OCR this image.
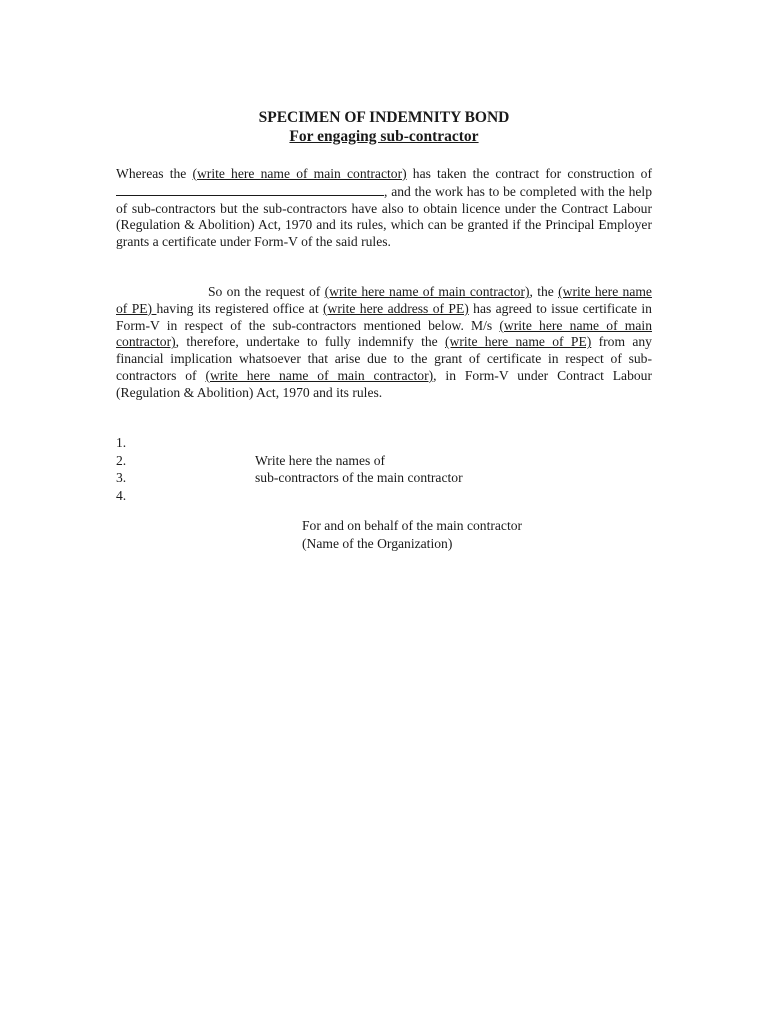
SPECIMEN OF INDEMNITY BOND
For engaging sub-contractor

Whereas the (write here name of main contractor) has taken the contract for construction of , and the work has to be completed with the help of sub-contractors but the sub-contractors have also to obtain licence under the Contract Labour (Regulation & Abolition) Act, 1970 and its rules, which can be granted if the Principal Employer grants a certificate under Form-V of the said rules.

So on the request of (write here name of main contractor), the (write here name of PE) having its registered office at (write here address of PE) has agreed to issue certificate in Form-V in respect of the sub-contractors mentioned below. M/s (write here name of main contractor), therefore, undertake to fully indemnify the (write here name of PE) from any financial implication whatsoever that arise due to the grant of certificate in respect of sub-contractors of (write here name of main contractor), in Form-V under Contract Labour (Regulation & Abolition) Act, 1970 and its rules.

1.
2.
3.
4.
Write here the names of
sub-contractors of the main contractor
For and on behalf of the main contractor
(Name of the Organization)
